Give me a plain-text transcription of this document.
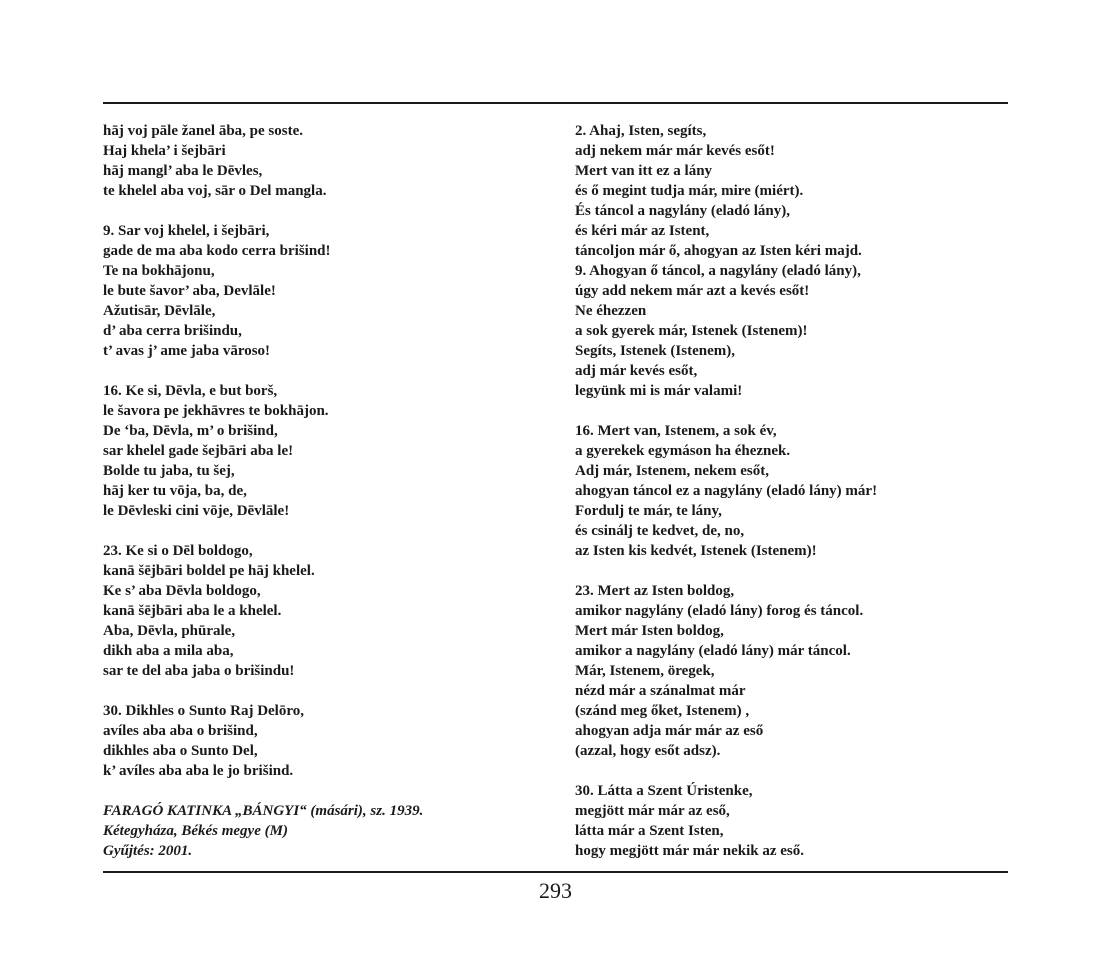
hāj voj pāle žanel āba, pe soste.
Haj khela’ i šejbāri
hāj mangl’ aba le Dēvles,
te khelel aba voj, sār o Del mangla.
9. Sar voj khelel, i šejbāri,
gade de ma aba kodo cerra brišind!
Te na bokhājonu,
le bute šavor’ aba, Devlāle!
Ažutisār, Dēvlāle,
d’ aba cerra brišindu,
t’ avas j’ ame jaba vāroso!
16. Ke si, Dēvla, e but borš,
le šavora pe jekhāvres te bokhājon.
De ‘ba, Dēvla, m’ o brišind,
sar khelel gade šejbāri aba le!
Bolde tu jaba, tu šej,
hāj ker tu vōja, ba, de,
le Dēvleski cini vōje, Dēvlāle!
23. Ke si o Dēl boldogo,
kanā šējbāri boldel pe hāj khelel.
Ke s’ aba Dēvla boldogo,
kanā šējbāri aba le a khelel.
Aba, Dēvla, phūrale,
dikh aba a mila aba,
sar te del aba jaba o brišindu!
30. Dikhles o Sunto Raj Delōro,
avíles aba aba o brišind,
dikhles aba o Sunto Del,
k’ avíles aba aba le jo brišind.
FARAGÓ KATINKA „BÁNGYI“ (másári), sz. 1939.
Kétegyháza, Békés megye (M)
Gyűjtés: 2001.
2. Ahaj, Isten, segíts,
adj nekem már már kevés esőt!
Mert van itt ez a lány
és ő megint tudja már, mire (miért).
És táncol a nagylány (eladó lány),
és kéri már az Istent,
táncoljon már ő, ahogyan az Isten kéri majd.
9. Ahogyan ő táncol, a nagylány (eladó lány),
úgy add nekem már azt a kevés esőt!
Ne éhezzen
a sok gyerek már, Istenek (Istenem)!
Segíts, Istenek (Istenem),
adj már kevés esőt,
legyünk mi is már valami!
16. Mert van, Istenem, a sok év,
a gyerekek egymáson ha éheznek.
Adj már, Istenem, nekem esőt,
ahogyan táncol ez a nagylány (eladó lány) már!
Fordulj te már, te lány,
és csinálj te kedvet, de, no,
az Isten kis kedvét, Istenek (Istenem)!
23. Mert az Isten boldog,
amikor nagylány (eladó lány) forog és táncol.
Mert már Isten boldog,
amikor a nagylány (eladó lány) már táncol.
Már, Istenem, öregek,
nézd már a szánalmat már
(szánd meg őket, Istenem) ,
ahogyan adja már már az eső
(azzal, hogy esőt adsz).
30. Látta a Szent Úristenke,
megjött már már az eső,
látta már a Szent Isten,
hogy megjött már már nekik az eső.
293
